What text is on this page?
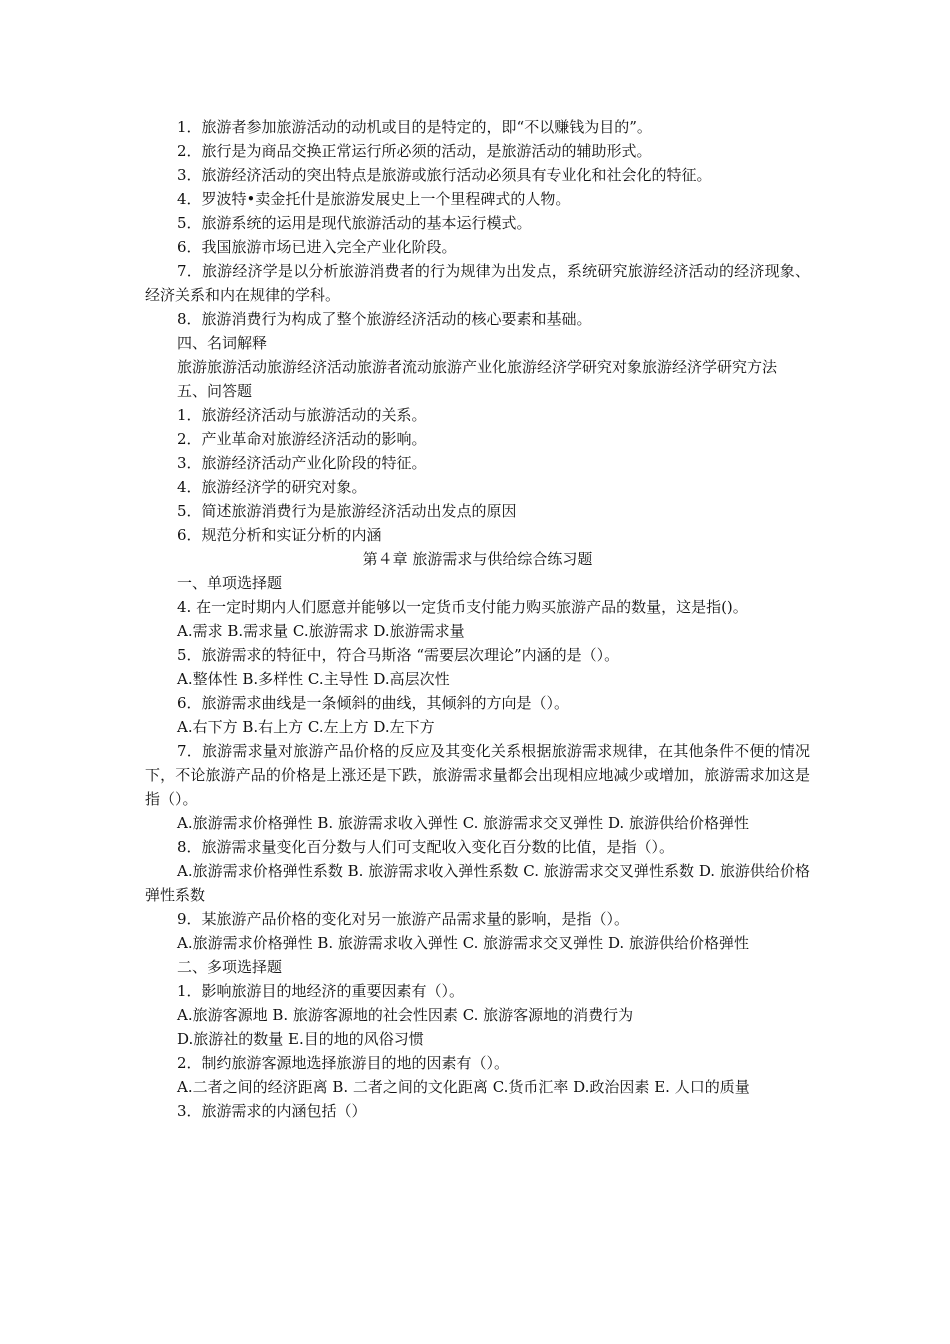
1．旅游者参加旅游活动的动机或目的是特定的，即“不以赚钱为目的”。
2．旅行是为商品交换正常运行所必须的活动，是旅游活动的辅助形式。
3．旅游经济活动的突出特点是旅游或旅行活动必须具有专业化和社会化的特征。
4．罗波特•卖金托什是旅游发展史上一个里程碑式的人物。
5．旅游系统的运用是现代旅游活动的基本运行模式。
6．我国旅游市场已进入完全产业化阶段。
7．旅游经济学是以分析旅游消费者的行为规律为出发点，系统研究旅游经济活动的经济现象、经济关系和内在规律的学科。
8．旅游消费行为构成了整个旅游经济活动的核心要素和基础。
四、名词解释
旅游旅游活动旅游经济活动旅游者流动旅游产业化旅游经济学研究对象旅游经济学研究方法
五、问答题
1．旅游经济活动与旅游活动的关系。
2．产业革命对旅游经济活动的影响。
3．旅游经济活动产业化阶段的特征。
4．旅游经济学的研究对象。
5．简述旅游消费行为是旅游经济活动出发点的原因
6．规范分析和实证分析的内涵
第４章 旅游需求与供给综合练习题
一、单项选择题
4. 在一定时期内人们愿意并能够以一定货币支付能力购买旅游产品的数量，这是指()。
A.需求 B.需求量 C.旅游需求 D.旅游需求量
5．旅游需求的特征中，符合马斯洛 “需要层次理论”内涵的是（）。
A.整体性 B.多样性 C.主导性 D.高层次性
6．旅游需求曲线是一条倾斜的曲线，其倾斜的方向是（）。
A.右下方 B.右上方 C.左上方 D.左下方
7．旅游需求量对旅游产品价格的反应及其变化关系根据旅游需求规律，在其他条件不便的情况下，不论旅游产品的价格是上涨还是下跌，旅游需求量都会出现相应地减少或增加，旅游需求加这是指（）。
A.旅游需求价格弹性 B. 旅游需求收入弹性 C. 旅游需求交叉弹性 D. 旅游供给价格弹性
8．旅游需求量变化百分数与人们可支配收入变化百分数的比值，是指（）。
A.旅游需求价格弹性系数 B. 旅游需求收入弹性系数 C. 旅游需求交叉弹性系数 D. 旅游供给价格弹性系数
9．某旅游产品价格的变化对另一旅游产品需求量的影响，是指（）。
A.旅游需求价格弹性 B. 旅游需求收入弹性 C. 旅游需求交叉弹性 D. 旅游供给价格弹性
二、多项选择题
1．影响旅游目的地经济的重要因素有（）。
A.旅游客源地 B. 旅游客源地的社会性因素 C. 旅游客源地的消费行为
D.旅游社的数量 E.目的地的风俗习惯
2．制约旅游客源地选择旅游目的地的因素有（）。
A.二者之间的经济距离 B. 二者之间的文化距离 C.货币汇率 D.政治因素 E. 人口的质量
3．旅游需求的内涵包括（）
